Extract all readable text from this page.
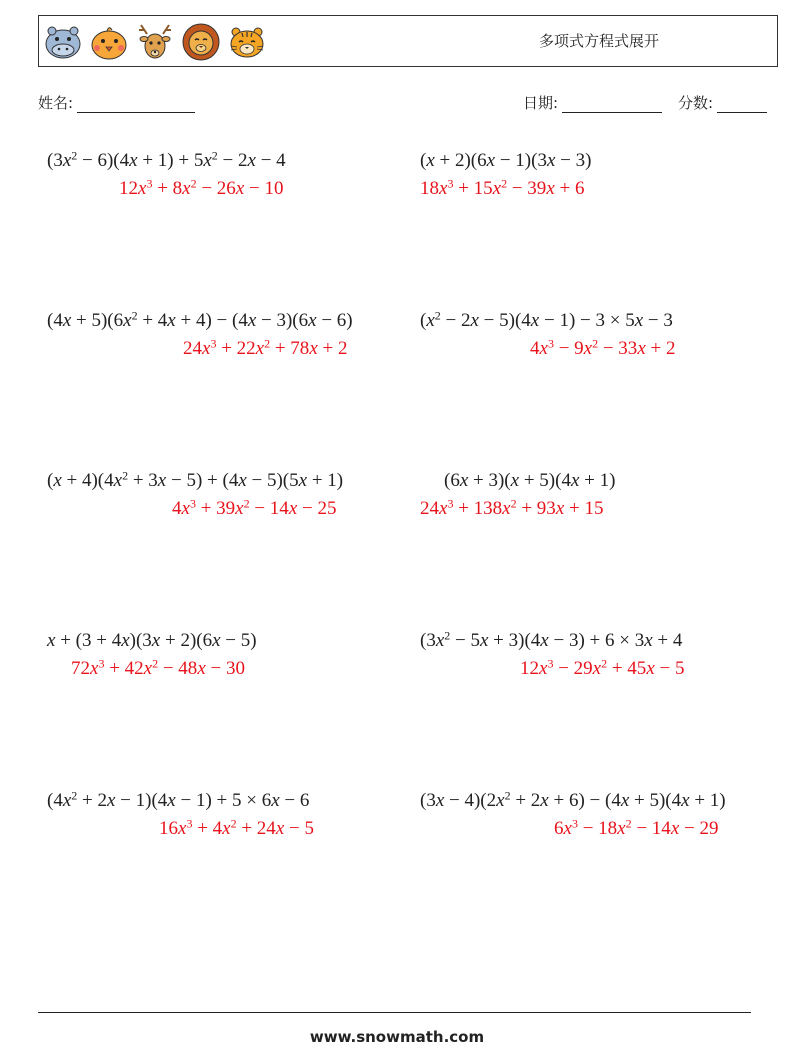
多项式方程式展开
姓名:	日期:	分数:
$(3x^2 - 6)(4x + 1) + 5x^2 - 2x - 4$
$12x^3 + 8x^2 - 26x - 10$
(x + 2)(6x − 1)(3x − 3)
$18x^3 + 15x^2 - 39x + 6$
$(4x + 5)(6x^2 + 4x + 4) - (4x - 3)(6x - 6)$
$24x^3 + 22x^2 + 78x + 2$
$(x^2 - 2x - 5)(4x - 1) - 3 \times 5x - 3$
$4x^3 - 9x^2 - 33x + 2$
$(x + 4)(4x^2 + 3x - 5) + (4x - 5)(5x + 1)$
$4x^3 + 39x^2 - 14x - 25$
(6x + 3)(x + 5)(4x + 1)
$24x^3 + 138x^2 + 93x + 15$
x + (3 + 4x)(3x + 2)(6x − 5)
$72x^3 + 42x^2 - 48x - 30$
$(3x^2 - 5x + 3)(4x - 3) + 6 \times 3x + 4$
$12x^3 - 29x^2 + 45x - 5$
$(4x^2 + 2x - 1)(4x - 1) + 5 \times 6x - 6$
$16x^3 + 4x^2 + 24x - 5$
$(3x - 4)(2x^2 + 2x + 6) - (4x + 5)(4x + 1)$
$6x^3 - 18x^2 - 14x - 29$
www.snowmath.com
